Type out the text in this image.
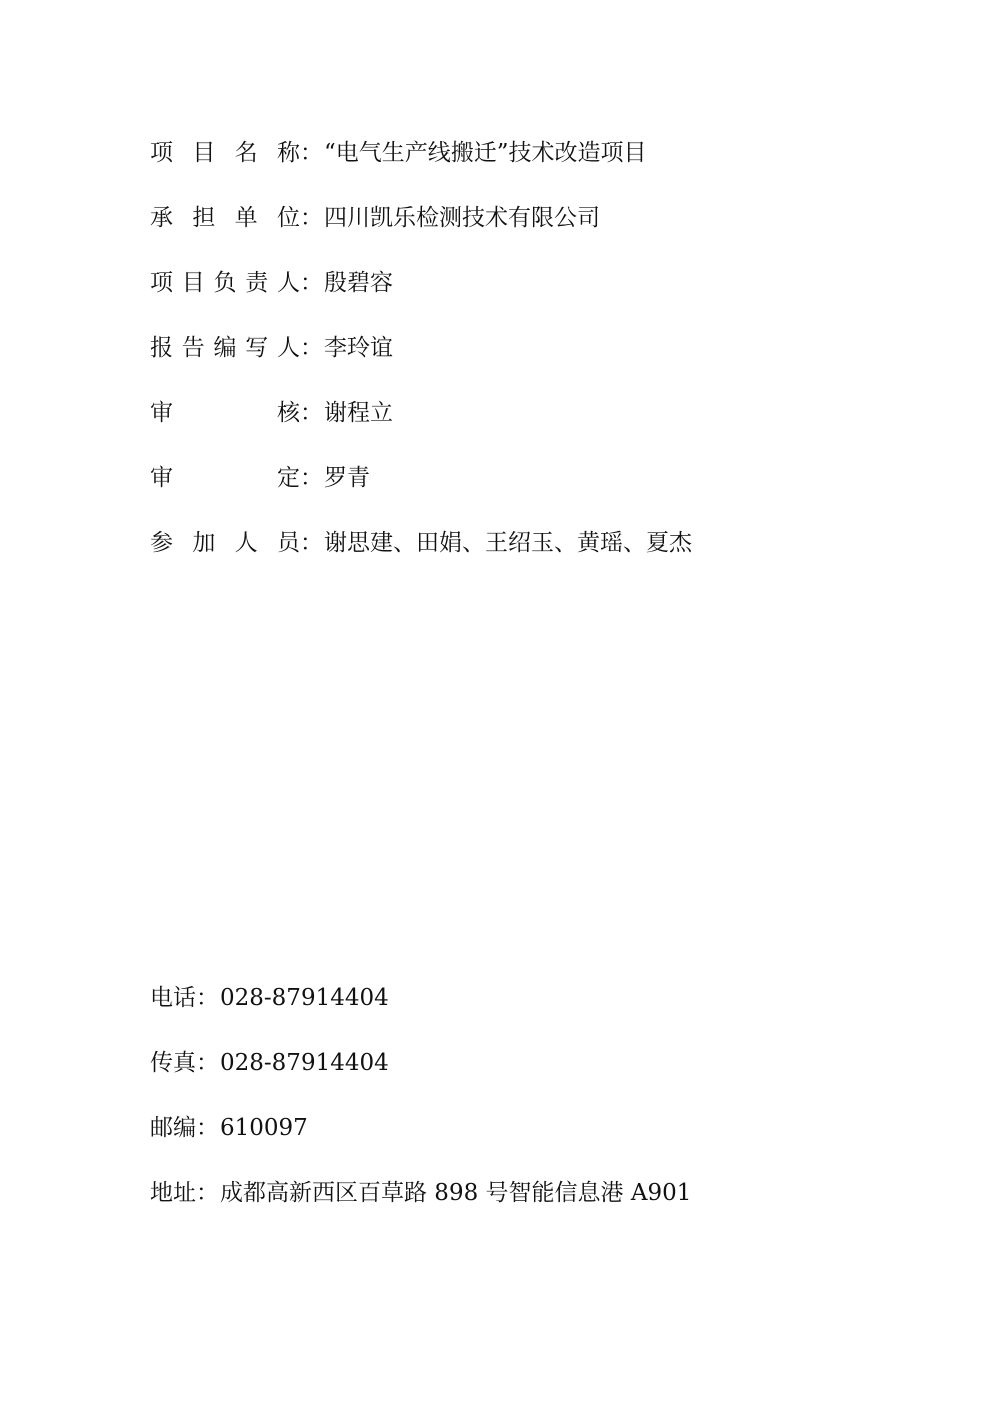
项 目 名 称 ： “电气生产线搬迁”技术改造项目
承 担 单 位 ： 四川凯乐检测技术有限公司
项 目 负 责 人 ： 殷碧容
报 告 编 写 人 ： 李玲谊
审	核 ： 谢程立
审	定 ： 罗青
参 加 人 员 ： 谢思建、田娟、王绍玉、黄瑶、夏杰
电话 ： 028-87914404
传真 ： 028-87914404
邮编 ： 610097
地址 ： 成都高新西区百草路 898 号智能信息港 A901
